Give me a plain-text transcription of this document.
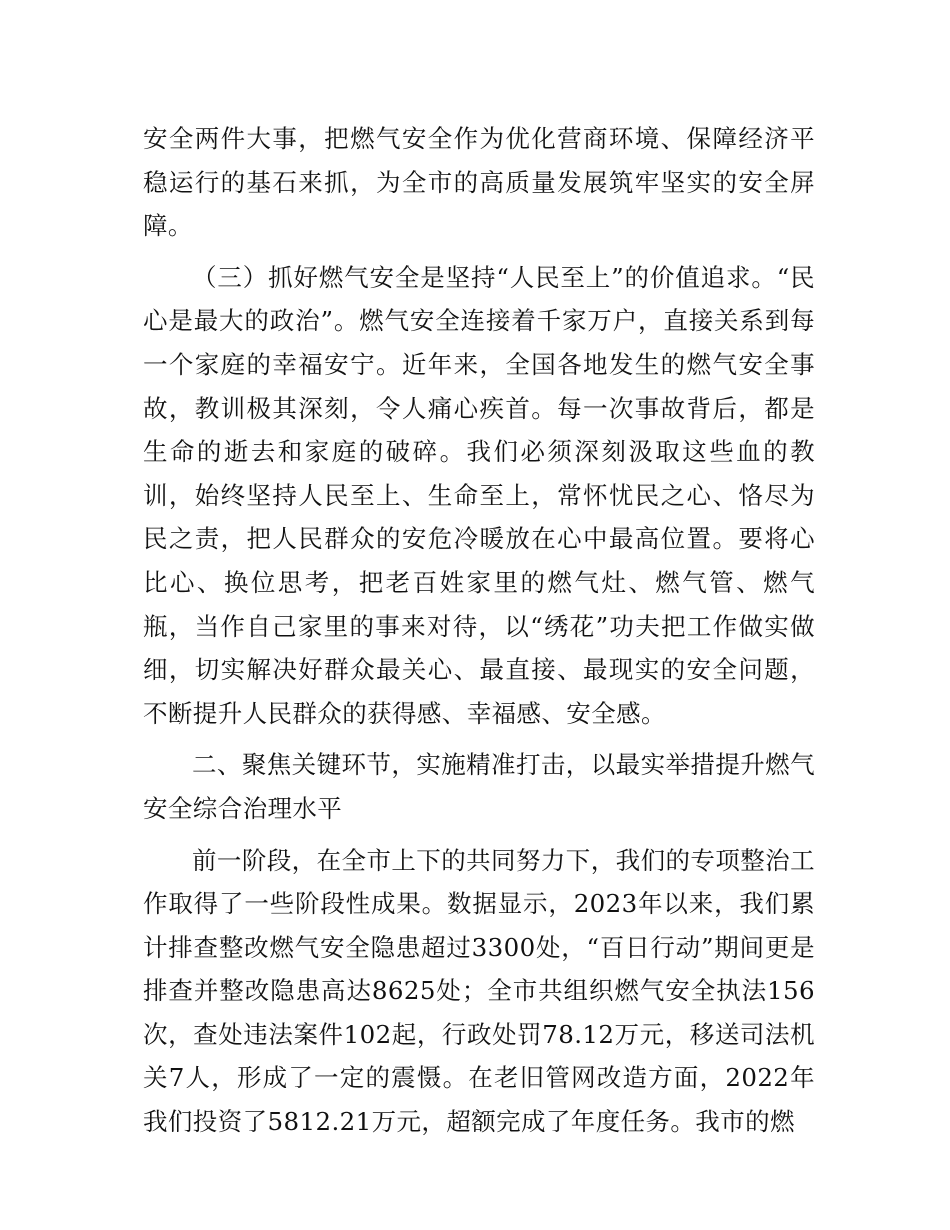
安全两件大事，把燃气安全作为优化营商环境、保障经济平稳运行的基石来抓，为全市的高质量发展筑牢坚实的安全屏障。

（三）抓好燃气安全是坚持“人民至上”的价值追求。“民心是最大的政治”。燃气安全连接着千家万户，直接关系到每一个家庭的幸福安宁。近年来，全国各地发生的燃气安全事故，教训极其深刻，令人痛心疾首。每一次事故背后，都是生命的逝去和家庭的破碎。我们必须深刻汲取这些血的教训，始终坚持人民至上、生命至上，常怀忧民之心、恪尽为民之责，把人民群众的安危冷暖放在心中最高位置。要将心比心、换位思考，把老百姓家里的燃气灶、燃气管、燃气瓶，当作自己家里的事来对待，以“绣花”功夫把工作做实做细，切实解决好群众最关心、最直接、最现实的安全问题，不断提升人民群众的获得感、幸福感、安全感。

二、聚焦关键环节，实施精准打击，以最实举措提升燃气安全综合治理水平

前一阶段，在全市上下的共同努力下，我们的专项整治工作取得了一些阶段性成果。数据显示，2023年以来，我们累计排查整改燃气安全隐患超过3300处，“百日行动”期间更是排查并整改隐患高达8625处；全市共组织燃气安全执法156次，查处违法案件102起，行政处罚78.12万元，移送司法机关7人，形成了一定的震慑。在老旧管网改造方面，2022年我们投资了5812.21万元，超额完成了年度任务。我市的燃
